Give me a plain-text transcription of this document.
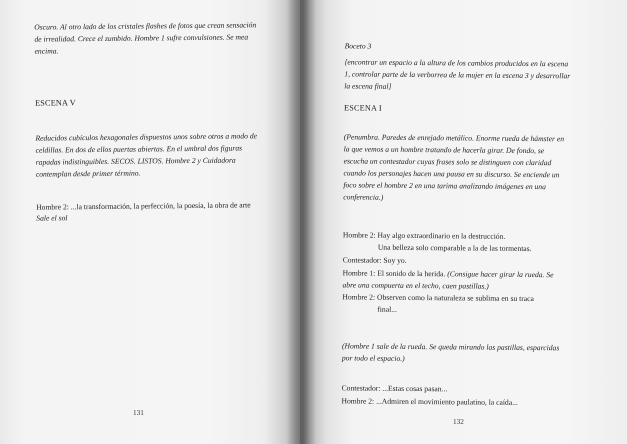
Oscuro. Al otro lado de los cristales flashes de fotos que crean sensación
de irrealidad. Crece el zumbido. Hombre 1 sufre convulsiones. Se mea
encima.
ESCENA V
Reducidos cubículos hexagonales dispuestos unos sobre otros a modo de
celdillas. En dos de ellos puertas abiertas. En el umbral dos figuras
rapadas indistinguibles. SECOS. LISTOS. Hombre 2 y Cuidadora
contemplan desde primer término.
Hombre 2: ...la transformación, la perfección, la poesía, la obra de arte
Sale el sol
131
Boceto 3
[encontrar un espacio a la altura de los cambios producidos en la escena
1, controlar parte de la verborrea de la mujer en la escena 3 y desarrollar
la escena final]
ESCENA I
(Penumbra. Paredes de enrejado metálico. Enorme rueda de hámster en
la que vemos a un hombre tratando de hacerla girar. De fondo, se
escucha un contestador cuyas frases solo se distinguen con claridad
cuando los personajes hacen una pausa en su discurso. Se enciende un
foco sobre el hombre 2 en una tarima analizando imágenes en una
conferencia.)
Hombre 2: Hay algo extraordinario en la destrucción.
Una belleza solo comparable a la de las tormentas.
Contestador: Soy yo.
Hombre 1: El sonido de la herida. (Consigue hacer girar la rueda. Se
abre una compuerta en el techo, caen pastillas.)
Hombre 2: Observen como la naturaleza se sublima en su traca
final...
(Hombre 1 sale de la rueda. Se queda mirando las pastillas, esparcidas
por todo el espacio.)
Contestador: ...Estas cosas pasan...
Hombre 2: ...Admiren el movimiento paulatino, la caída...
132
